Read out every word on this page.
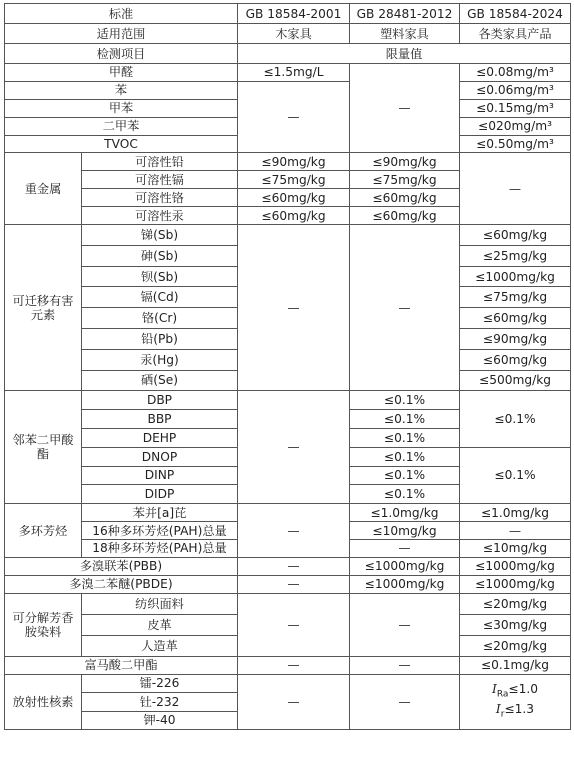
标准		GB 18584-2001	GB 28481-2012	GB 18584-2024
适用范围		木家具	塑料家具	各类家具产品
检测项目		限量值		
甲醛		≤1.5mg/L	—	≤0.08mg/m³
苯		—		≤0.06mg/m³
甲苯				≤0.15mg/m³
二甲苯				≤020mg/m³
TVOC				≤0.50mg/m³
重金属	可溶性铅	≤90mg/kg	≤90mg/kg	—
	可溶性镉	≤75mg/kg	≤75mg/kg	
	可溶性铬	≤60mg/kg	≤60mg/kg	
	可溶性汞	≤60mg/kg	≤60mg/kg	
可迁移有害元素	锑(Sb)	—	—	≤60mg/kg
	砷(Sb)			≤25mg/kg
	钡(Sb)			≤1000mg/kg
	镉(Cd)			≤75mg/kg
	铬(Cr)			≤60mg/kg
	铅(Pb)			≤90mg/kg
	汞(Hg)			≤60mg/kg
	硒(Se)			≤500mg/kg
邻苯二甲酸酯	DBP	—	≤0.1%	≤0.1%
	BBP		≤0.1%	
	DEHP		≤0.1%	
	DNOP		≤0.1%	≤0.1%
	DINP		≤0.1%	
	DIDP		≤0.1%	
多环芳烃	苯并[a]芘	—	≤1.0mg/kg	≤1.0mg/kg
	16种多环芳烃(PAH)总量		≤10mg/kg	—
	18种多环芳烃(PAH)总量		—	≤10mg/kg
多溴联苯(PBB)		—	≤1000mg/kg	≤1000mg/kg
多溴二苯醚(PBDE)		—	≤1000mg/kg	≤1000mg/kg
可分解芳香胺染料	纺织面料	—	—	≤20mg/kg
	皮革			≤30mg/kg
	人造革			≤20mg/kg
富马酸二甲酯		—	—	≤0.1mg/kg
放射性核素	镭-226	—	—	$I_{Ra}\le 1.0$
$I_r\le 1.3$

	钍-232			
	钾-40			
